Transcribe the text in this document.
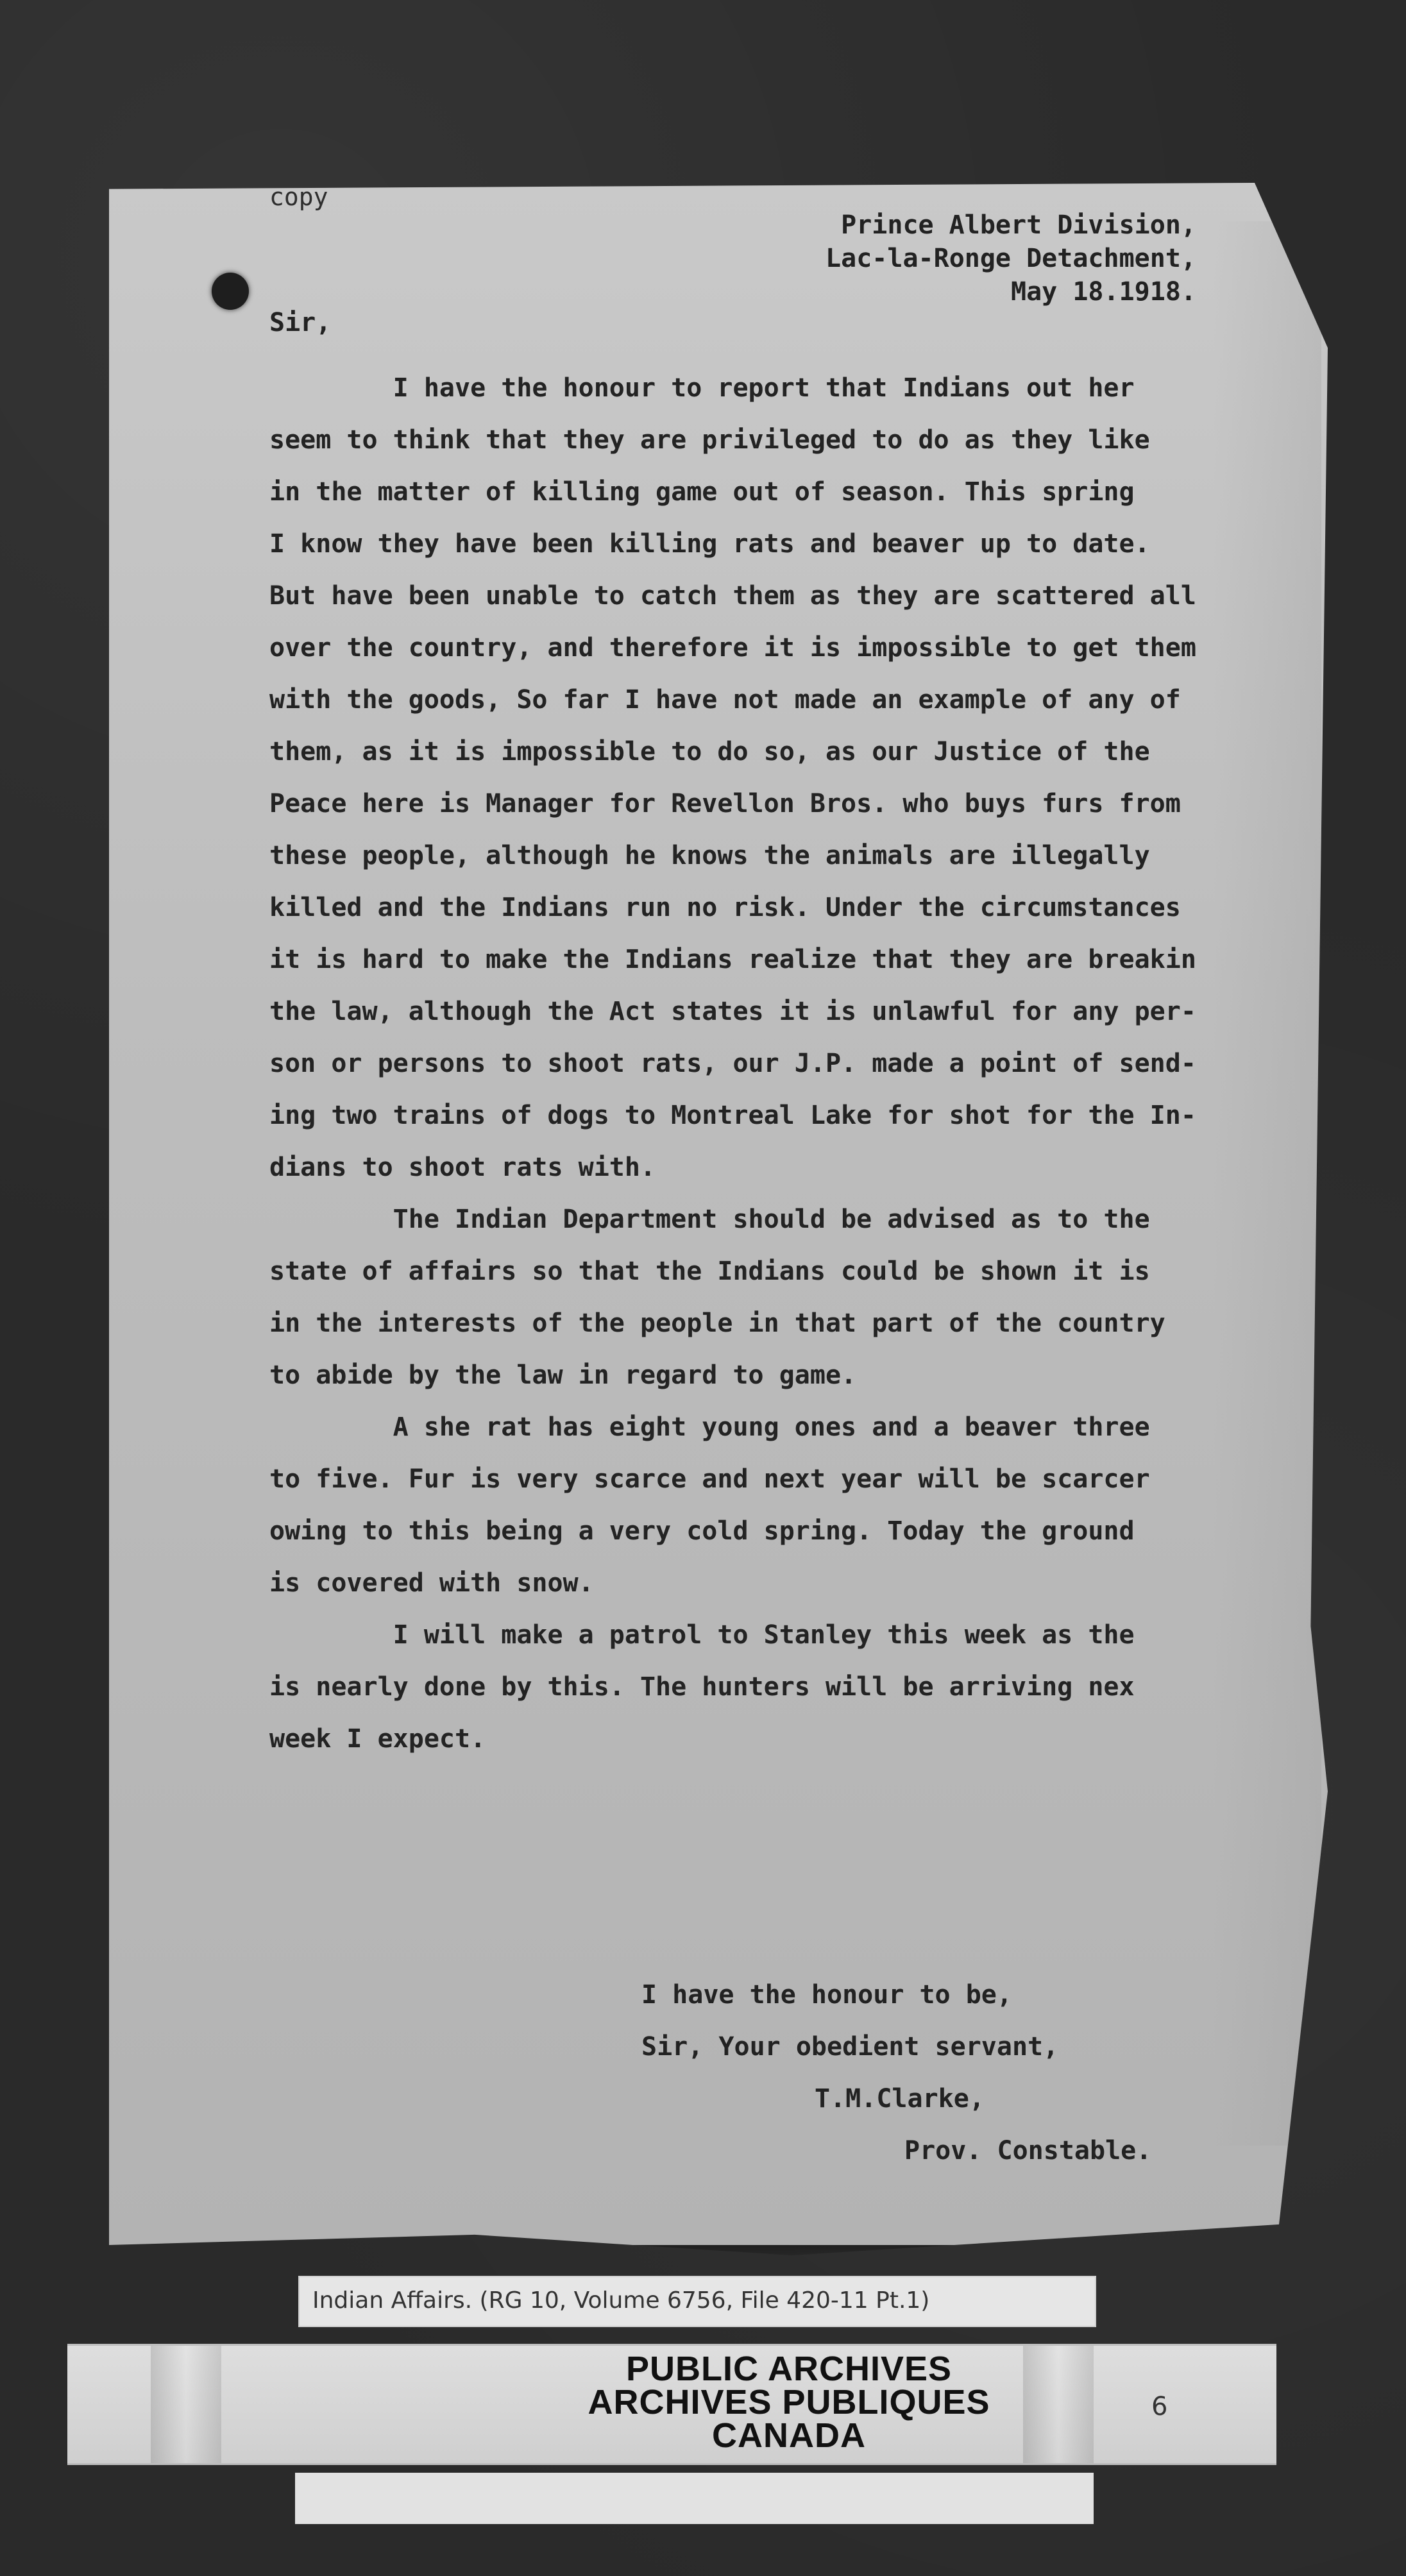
copy
Prince Albert Division,
Lac-la-Ronge Detachment,
May 18.1918.
Sir,
I have the honour to report that Indians out her
seem to think that they are privileged to do as they like
in the matter of killing game out of season. This spring
I know they have been killing rats and beaver up to date.
But have been unable to catch them as they are scattered all
over the country, and therefore it is impossible to get them
with the goods, So far I have not made an example of any of
them, as it is impossible to do so, as our Justice of the
Peace here is Manager for Revellon Bros. who buys furs from
these people, although he knows the animals are illegally
killed and the Indians run no risk. Under the circumstances
it is hard to make the Indians realize that they are breakin
the law, although the Act states it is unlawful for any per-
son or persons to shoot rats, our J.P. made a point of send-
ing two trains of dogs to Montreal Lake for shot for the In-
dians to shoot rats with.
The Indian Department should be advised as to the
state of affairs so that the Indians could be shown it is
in the interests of the people in that part of the country
to abide by the law in regard to game.
A she rat has eight young ones and a beaver three
to five. Fur is very scarce and next year will be scarcer
owing to this being a very cold spring. Today the ground
is covered with snow.
I will make a patrol to Stanley this week as the
is nearly done by this. The hunters will be arriving nex
week I expect.
I have the honour to be,
Sir, Your obedient servant,
T.M.Clarke,
Prov. Constable.
Indian Affairs. (RG 10, Volume 6756, File 420-11 Pt.1)
PUBLIC ARCHIVES
ARCHIVES PUBLIQUES
CANADA
6
